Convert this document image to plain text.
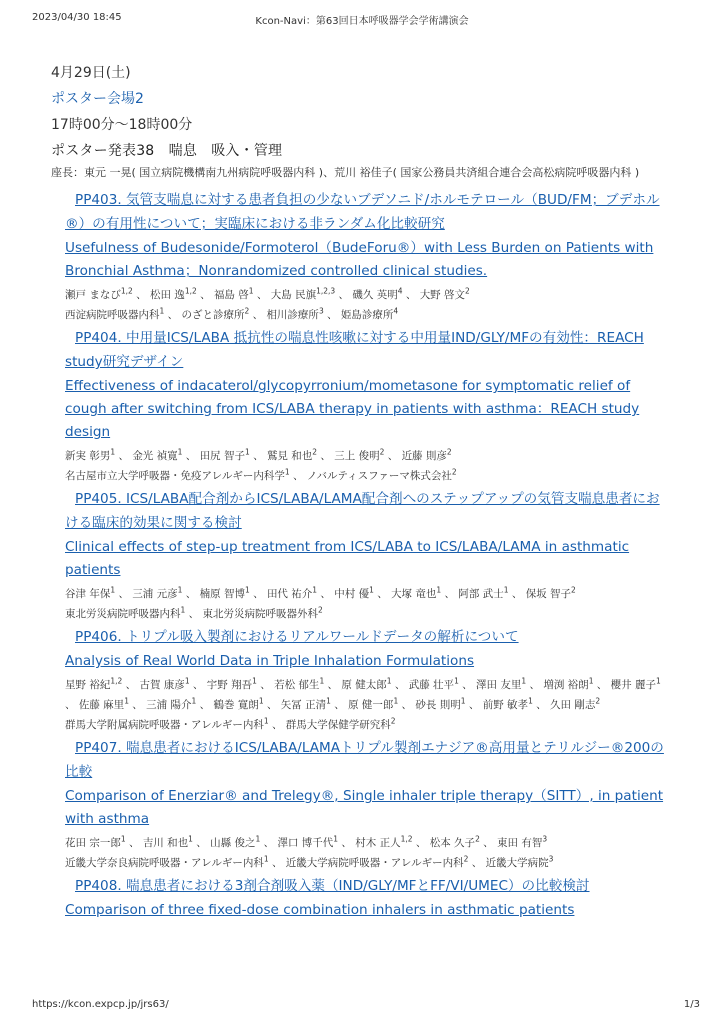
2023/04/30 18:45	Kcon-Navi：第63回日本呼吸器学会学術講演会
4月29日(土)
ポスター会場2
17時00分～18時00分
ポスター発表38　喘息　吸入・管理
座長：東元 一晃( 国立病院機構南九州病院呼吸器内科 )、荒川 裕佳子( 国家公務員共済組合連合会高松病院呼吸器内科 )
PP403. 気管支喘息に対する患者負担の少ないブデソニド/ホルモテロール（BUD/FM；ブデホル®）の有用性について；実臨床における非ランダム化比較研究
Usefulness of Budesonide/Formoterol（BudeForu®）with Less Burden on Patients with Bronchial Asthma；Nonrandomized controlled clinical studies.
瀬戸 まなび$^{1,2}$ 、 松田 逸$^{1,2}$ 、 福島 啓$^1$ 、 大島 民旗$^{1,2,3}$ 、 磯久 英明$^4$ 、 大野 啓文$^2$
西淀病院呼吸器内科$^1$ 、 のざと診療所$^2$ 、 相川診療所$^3$ 、 姫島診療所$^4$
PP404. 中用量ICS/LABA 抵抗性の喘息性咳嗽に対する中用量IND/GLY/MFの有効性：REACH study研究デザイン
Effectiveness of indacaterol/glycopyrronium/mometasone for symptomatic relief of cough after switching from ICS/LABA therapy in patients with asthma：REACH study design
新実 彰男$^1$ 、 金光 禎寛$^1$ 、 田尻 智子$^1$ 、 鷲見 和也$^2$ 、 三上 俊明$^2$ 、 近藤 則彦$^2$
名古屋市立大学呼吸器・免疫アレルギー内科学$^1$ 、 ノバルティスファーマ株式会社$^2$
PP405. ICS/LABA配合剤からICS/LABA/LAMA配合剤へのステップアップの気管支喘息患者における臨床的効果に関する検討
Clinical effects of step-up treatment from ICS/LABA to ICS/LABA/LAMA in asthmatic patients
谷津 年保$^1$ 、 三浦 元彦$^1$ 、 楠原 智博$^1$ 、 田代 祐介$^1$ 、 中村 優$^1$ 、 大塚 竜也$^1$ 、 阿部 武士$^1$ 、 保坂 智子$^2$
東北労災病院呼吸器内科$^1$ 、 東北労災病院呼吸器外科$^2$
PP406. トリプル吸入製剤におけるリアルワールドデータの解析について
Analysis of Real World Data in Triple Inhalation Formulations
星野 裕紀$^{1,2}$ 、 古賀 康彦$^1$ 、 宇野 翔吾$^1$ 、 若松 郁生$^1$ 、 原 健太郎$^1$ 、 武藤 壮平$^1$ 、 澤田 友里$^1$ 、 増渕 裕朗$^1$ 、 櫻井 麗子$^1$ 、 佐藤 麻里$^1$ 、 三浦 陽介$^1$ 、 鶴巻 寛朗$^1$ 、 矢冨 正清$^1$ 、 原 健一郎$^1$ 、 砂長 則明$^1$ 、 前野 敏孝$^1$ 、 久田 剛志$^2$
群馬大学附属病院呼吸器・アレルギー内科$^1$ 、 群馬大学保健学研究科$^2$
PP407. 喘息患者におけるICS/LABA/LAMAトリプル製剤エナジア®高用量とテリルジー®200の比較
Comparison of Enerziar® and Trelegy®, Single inhaler triple therapy（SITT）, in patient with asthma
花田 宗一郎$^1$ 、 吉川 和也$^1$ 、 山縣 俊之$^1$ 、 澤口 博千代$^1$ 、 村木 正人$^{1,2}$ 、 松本 久子$^2$ 、 東田 有智$^3$
近畿大学奈良病院呼吸器・アレルギー内科$^1$ 、 近畿大学病院呼吸器・アレルギー内科$^2$ 、 近畿大学病院$^3$
PP408. 喘息患者における3剤合剤吸入薬（IND/GLY/MFとFF/VI/UMEC）の比較検討
Comparison of three fixed-dose combination inhalers in asthmatic patients
https://kcon.expcp.jp/jrs63/	1/3
